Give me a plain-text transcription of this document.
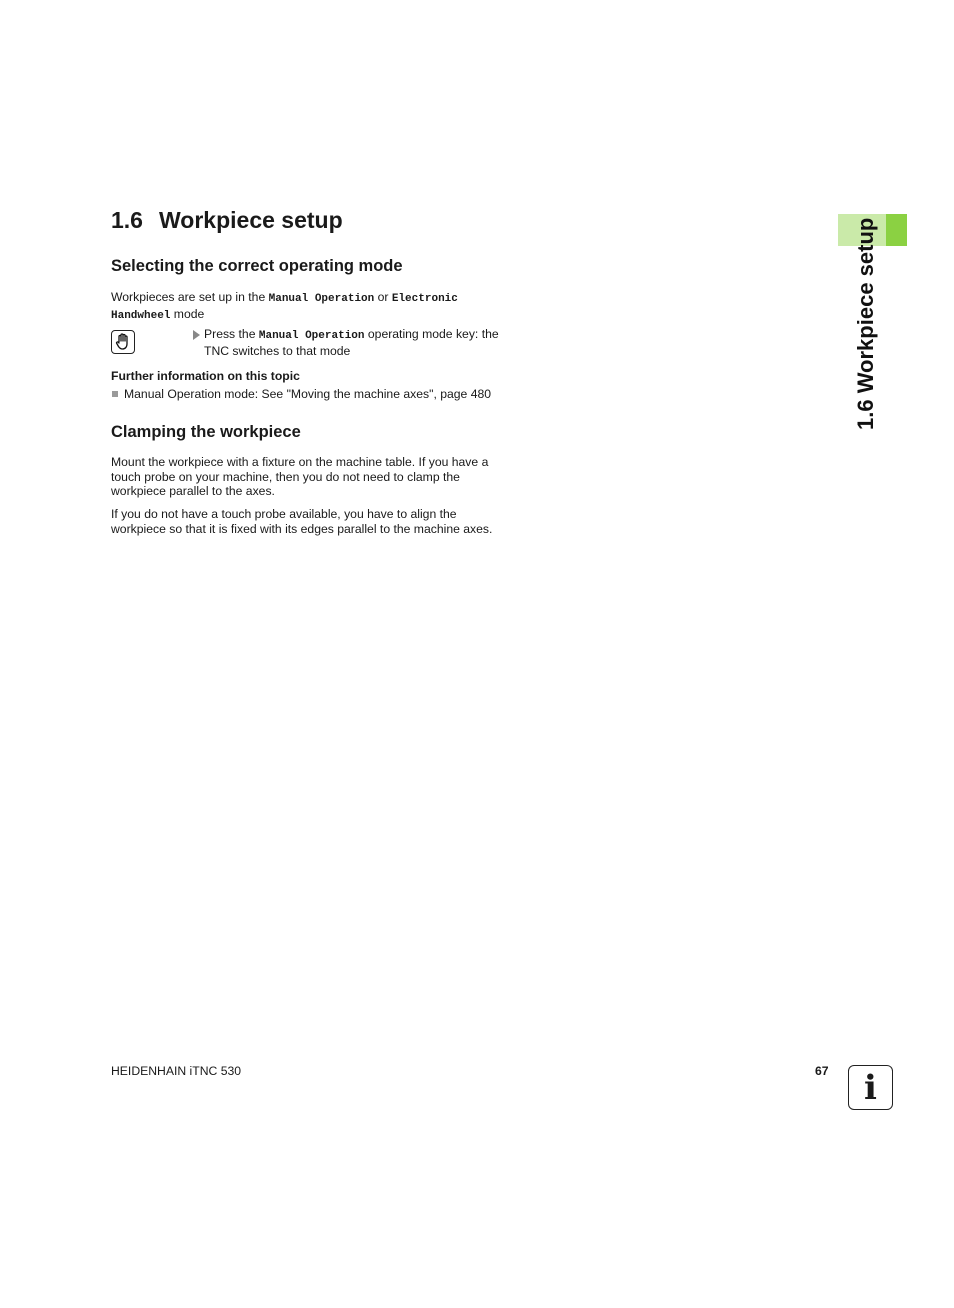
1.6 Workpiece setup
Selecting the correct operating mode
Workpieces are set up in the Manual Operation or Electronic
Handwheel mode
Press the Manual Operation operating mode key: the
TNC switches to that mode
Further information on this topic
Manual Operation mode: See "Moving the machine axes", page 480
Clamping the workpiece
Mount the workpiece with a fixture on the machine table. If you have a touch probe on your machine, then you do not need to clamp the workpiece parallel to the axes.
If you do not have a touch probe available, you have to align the workpiece so that it is fixed with its edges parallel to the machine axes.
1.6 Workpiece setup
HEIDENHAIN iTNC 530	67 i
